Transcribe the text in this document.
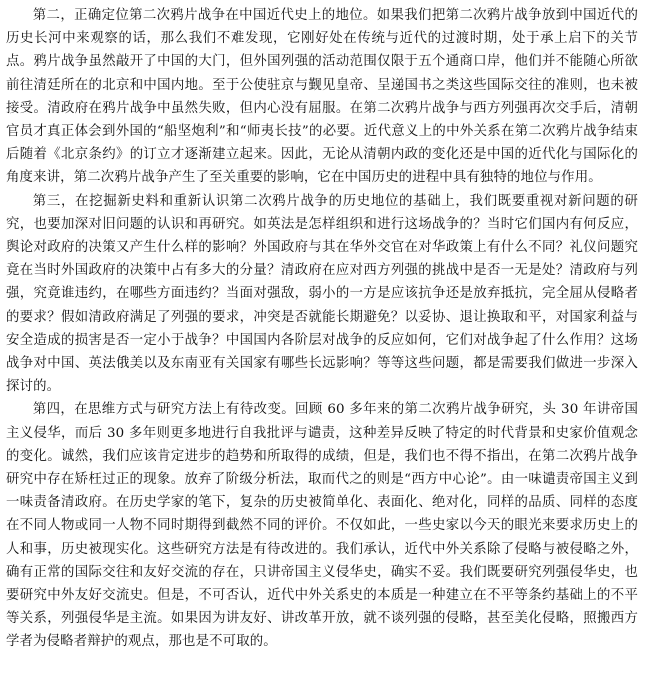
第二，正确定位第二次鸦片战争在中国近代史上的地位。如果我们把第二次鸦片战争放到中国近代的历史长河中来观察的话，那么我们不难发现，它刚好处在传统与近代的过渡时期，处于承上启下的关节点。鸦片战争虽然敲开了中国的大门，但外国列强的活动范围仅限于五个通商口岸，他们并不能随心所欲前往清廷所在的北京和中国内地。至于公使驻京与觐见皇帝、呈递国书之类这些国际交往的准则，也未被接受。清政府在鸦片战争中虽然失败，但内心没有屈服。在第二次鸦片战争与西方列强再次交手后，清朝官员才真正体会到外国的“船坚炮利”和“师夷长技”的必要。近代意义上的中外关系在第二次鸦片战争结束后随着《北京条约》的订立才逐渐建立起来。因此，无论从清朝内政的变化还是中国的近代化与国际化的角度来讲，第二次鸦片战争产生了至关重要的影响，它在中国历史的进程中具有独特的地位与作用。

第三，在挖掘新史料和重新认识第二次鸦片战争的历史地位的基础上，我们既要重视对新问题的研究，也要加深对旧问题的认识和再研究。如英法是怎样组织和进行这场战争的？当时它们国内有何反应，舆论对政府的决策又产生什么样的影响？外国政府与其在华外交官在对华政策上有什么不同？礼仪问题究竟在当时外国政府的决策中占有多大的分量？清政府在应对西方列强的挑战中是否一无是处？清政府与列强，究竟谁违约，在哪些方面违约？当面对强敌，弱小的一方是应该抗争还是放弃抵抗，完全屈从侵略者的要求？假如清政府满足了列强的要求，冲突是否就能长期避免？以妥协、退让换取和平，对国家利益与安全造成的损害是否一定小于战争？中国国内各阶层对战争的反应如何，它们对战争起了什么作用？这场战争对中国、英法俄美以及东南亚有关国家有哪些长远影响？等等这些问题，都是需要我们做进一步深入探讨的。

第四，在思维方式与研究方法上有待改变。回顾 60 多年来的第二次鸦片战争研究，头 30 年讲帝国主义侵华，而后 30 多年则更多地进行自我批评与谴责，这种差异反映了特定的时代背景和史家价值观念的变化。诚然，我们应该肯定进步的趋势和所取得的成绩，但是，我们也不得不指出，在第二次鸦片战争研究中存在矫枉过正的现象。放弃了阶级分析法，取而代之的则是“西方中心论”。由一味谴责帝国主义到一味责备清政府。在历史学家的笔下，复杂的历史被简单化、表面化、绝对化，同样的品质、同样的态度在不同人物或同一人物不同时期得到截然不同的评价。不仅如此，一些史家以今天的眼光来要求历史上的人和事，历史被现实化。这些研究方法是有待改进的。我们承认，近代中外关系除了侵略与被侵略之外，确有正常的国际交往和友好交流的存在，只讲帝国主义侵华史，确实不妥。我们既要研究列强侵华史，也要研究中外友好交流史。但是，不可否认，近代中外关系史的本质是一种建立在不平等条约基础上的不平等关系，列强侵华是主流。如果因为讲友好、讲改革开放，就不谈列强的侵略，甚至美化侵略，照搬西方学者为侵略者辩护的观点，那也是不可取的。
